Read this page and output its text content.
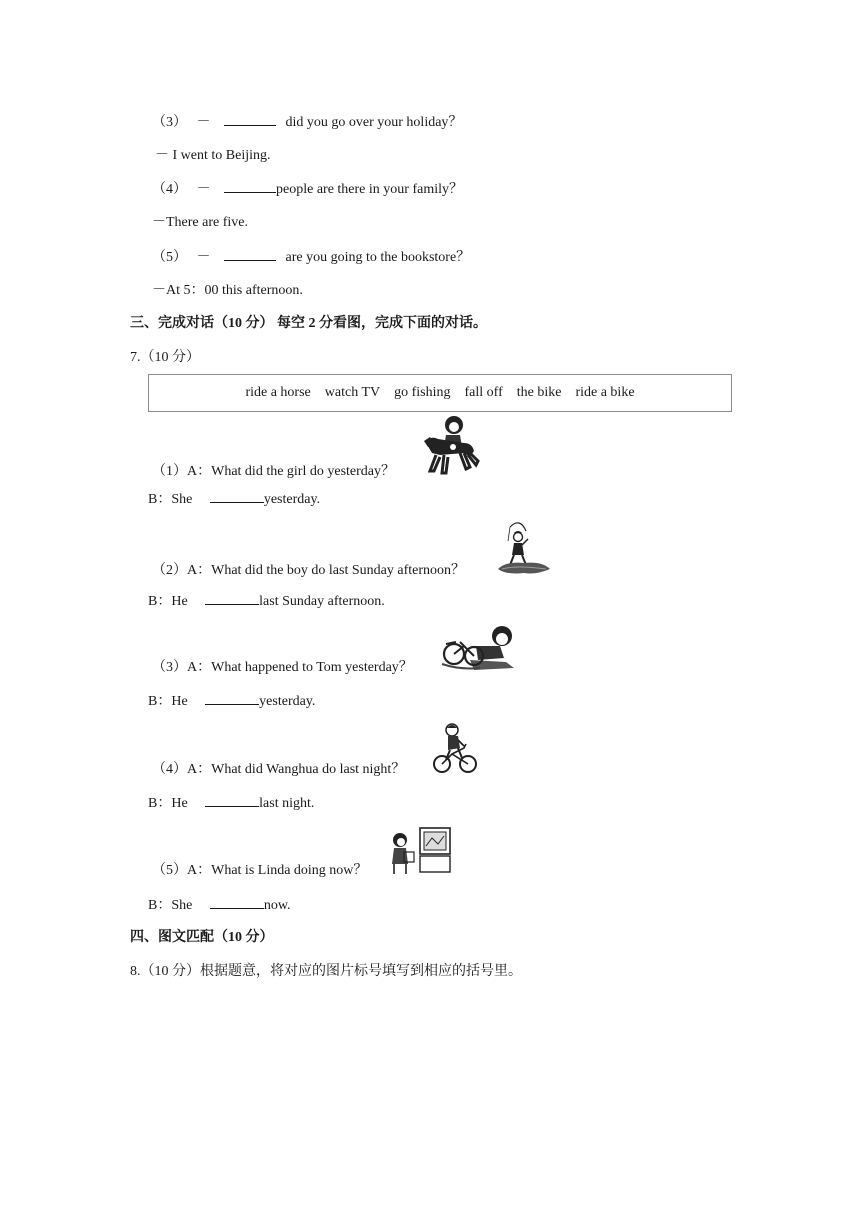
（3） －	did you go over your holiday？
－ I went to Beijing.
（4） －	people are there in your family？
－There are five.
（5） －	are you going to the bookstore？
－At 5：00 this afternoon.
三、完成对话（10 分） 每空 2 分看图，完成下面的对话。
7.（10 分）
ride a horse watch TV go fishing fall off the bike ride a bike
（1）A：What did the girl do yesterday？
B：She	yesterday.
（2）A：What did the boy do last Sunday afternoon？
B：He	last Sunday afternoon.
（3）A：What happened to Tom yesterday？
B：He	yesterday.
（4）A：What did Wanghua do last night？
B：He	last night.
（5）A：What is Linda doing now？
B：She	now.
四、图文匹配（10 分）
8.（10 分）根据题意，将对应的图片标号填写到相应的括号里。
